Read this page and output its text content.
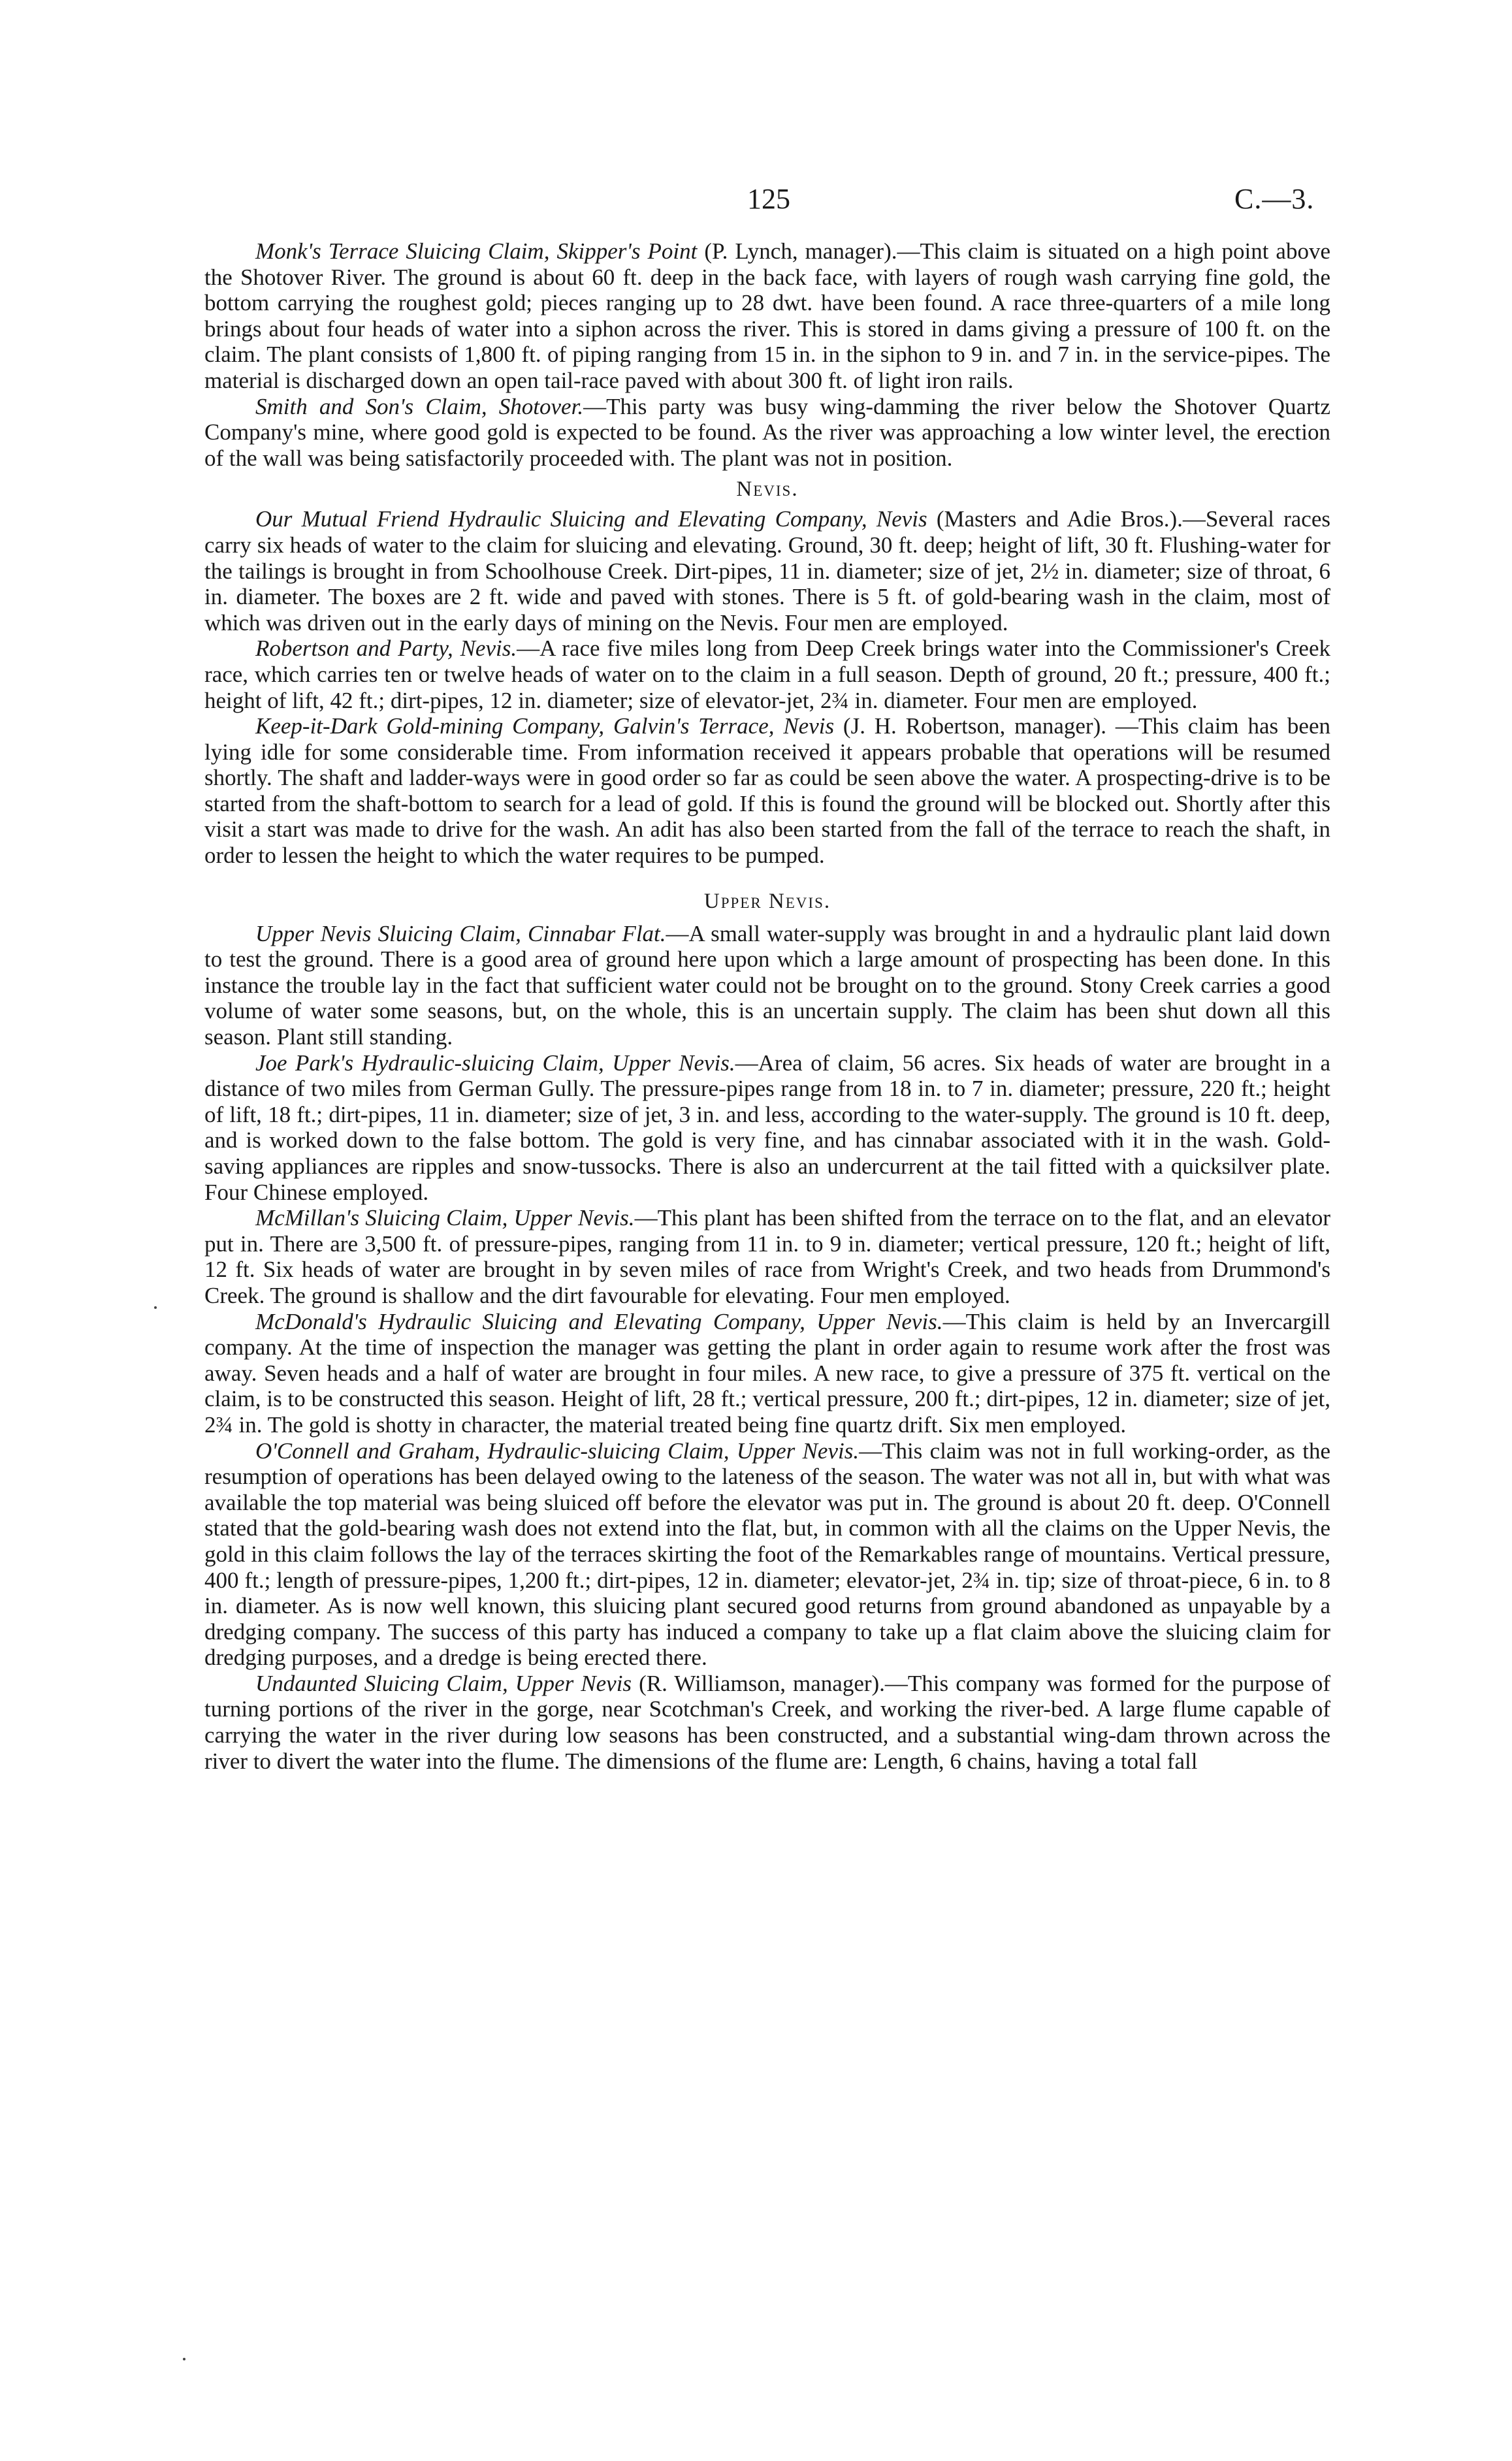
125	C.—3.

Monk's Terrace Sluicing Claim, Skipper's Point (P. Lynch, manager).—This claim is situated on a high point above the Shotover River. The ground is about 60 ft. deep in the back face, with layers of rough wash carrying fine gold, the bottom carrying the roughest gold; pieces ranging up to 28 dwt. have been found. A race three-quarters of a mile long brings about four heads of water into a siphon across the river. This is stored in dams giving a pressure of 100 ft. on the claim. The plant consists of 1,800 ft. of piping ranging from 15 in. in the siphon to 9 in. and 7 in. in the service-pipes. The material is discharged down an open tail-race paved with about 300 ft. of light iron rails.

Smith and Son's Claim, Shotover.—This party was busy wing-damming the river below the Shotover Quartz Company's mine, where good gold is expected to be found. As the river was approaching a low winter level, the erection of the wall was being satisfactorily proceeded with. The plant was not in position.

Nevis.

Our Mutual Friend Hydraulic Sluicing and Elevating Company, Nevis (Masters and Adie Bros.).—Several races carry six heads of water to the claim for sluicing and elevating. Ground, 30 ft. deep; height of lift, 30 ft. Flushing-water for the tailings is brought in from Schoolhouse Creek. Dirt-pipes, 11 in. diameter; size of jet, 2½ in. diameter; size of throat, 6 in. diameter. The boxes are 2 ft. wide and paved with stones. There is 5 ft. of gold-bearing wash in the claim, most of which was driven out in the early days of mining on the Nevis. Four men are employed.

Robertson and Party, Nevis.—A race five miles long from Deep Creek brings water into the Commissioner's Creek race, which carries ten or twelve heads of water on to the claim in a full season. Depth of ground, 20 ft.; pressure, 400 ft.; height of lift, 42 ft.; dirt-pipes, 12 in. diameter; size of elevator-jet, 2¾ in. diameter. Four men are employed.

Keep-it-Dark Gold-mining Company, Galvin's Terrace, Nevis (J. H. Robertson, manager). —This claim has been lying idle for some considerable time. From information received it appears probable that operations will be resumed shortly. The shaft and ladder-ways were in good order so far as could be seen above the water. A prospecting-drive is to be started from the shaft-bottom to search for a lead of gold. If this is found the ground will be blocked out. Shortly after this visit a start was made to drive for the wash. An adit has also been started from the fall of the terrace to reach the shaft, in order to lessen the height to which the water requires to be pumped.

Upper Nevis.

Upper Nevis Sluicing Claim, Cinnabar Flat.—A small water-supply was brought in and a hydraulic plant laid down to test the ground. There is a good area of ground here upon which a large amount of prospecting has been done. In this instance the trouble lay in the fact that sufficient water could not be brought on to the ground. Stony Creek carries a good volume of water some seasons, but, on the whole, this is an uncertain supply. The claim has been shut down all this season. Plant still standing.

Joe Park's Hydraulic-sluicing Claim, Upper Nevis.—Area of claim, 56 acres. Six heads of water are brought in a distance of two miles from German Gully. The pressure-pipes range from 18 in. to 7 in. diameter; pressure, 220 ft.; height of lift, 18 ft.; dirt-pipes, 11 in. diameter; size of jet, 3 in. and less, according to the water-supply. The ground is 10 ft. deep, and is worked down to the false bottom. The gold is very fine, and has cinnabar associated with it in the wash. Gold-saving appliances are ripples and snow-tussocks. There is also an undercurrent at the tail fitted with a quicksilver plate. Four Chinese employed.

McMillan's Sluicing Claim, Upper Nevis.—This plant has been shifted from the terrace on to the flat, and an elevator put in. There are 3,500 ft. of pressure-pipes, ranging from 11 in. to 9 in. diameter; vertical pressure, 120 ft.; height of lift, 12 ft. Six heads of water are brought in by seven miles of race from Wright's Creek, and two heads from Drummond's Creek. The ground is shallow and the dirt favourable for elevating. Four men employed.

McDonald's Hydraulic Sluicing and Elevating Company, Upper Nevis.—This claim is held by an Invercargill company. At the time of inspection the manager was getting the plant in order again to resume work after the frost was away. Seven heads and a half of water are brought in four miles. A new race, to give a pressure of 375 ft. vertical on the claim, is to be constructed this season. Height of lift, 28 ft.; vertical pressure, 200 ft.; dirt-pipes, 12 in. diameter; size of jet, 2¾ in. The gold is shotty in character, the material treated being fine quartz drift. Six men employed.

O'Connell and Graham, Hydraulic-sluicing Claim, Upper Nevis.—This claim was not in full working-order, as the resumption of operations has been delayed owing to the lateness of the season. The water was not all in, but with what was available the top material was being sluiced off before the elevator was put in. The ground is about 20 ft. deep. O'Connell stated that the gold-bearing wash does not extend into the flat, but, in common with all the claims on the Upper Nevis, the gold in this claim follows the lay of the terraces skirting the foot of the Remarkables range of mountains. Vertical pressure, 400 ft.; length of pressure-pipes, 1,200 ft.; dirt-pipes, 12 in. diameter; elevator-jet, 2¾ in. tip; size of throat-piece, 6 in. to 8 in. diameter. As is now well known, this sluicing plant secured good returns from ground abandoned as unpayable by a dredging company. The success of this party has induced a company to take up a flat claim above the sluicing claim for dredging purposes, and a dredge is being erected there.

Undaunted Sluicing Claim, Upper Nevis (R. Williamson, manager).—This company was formed for the purpose of turning portions of the river in the gorge, near Scotchman's Creek, and working the river-bed. A large flume capable of carrying the water in the river during low seasons has been constructed, and a substantial wing-dam thrown across the river to divert the water into the flume. The dimensions of the flume are: Length, 6 chains, having a total fall
